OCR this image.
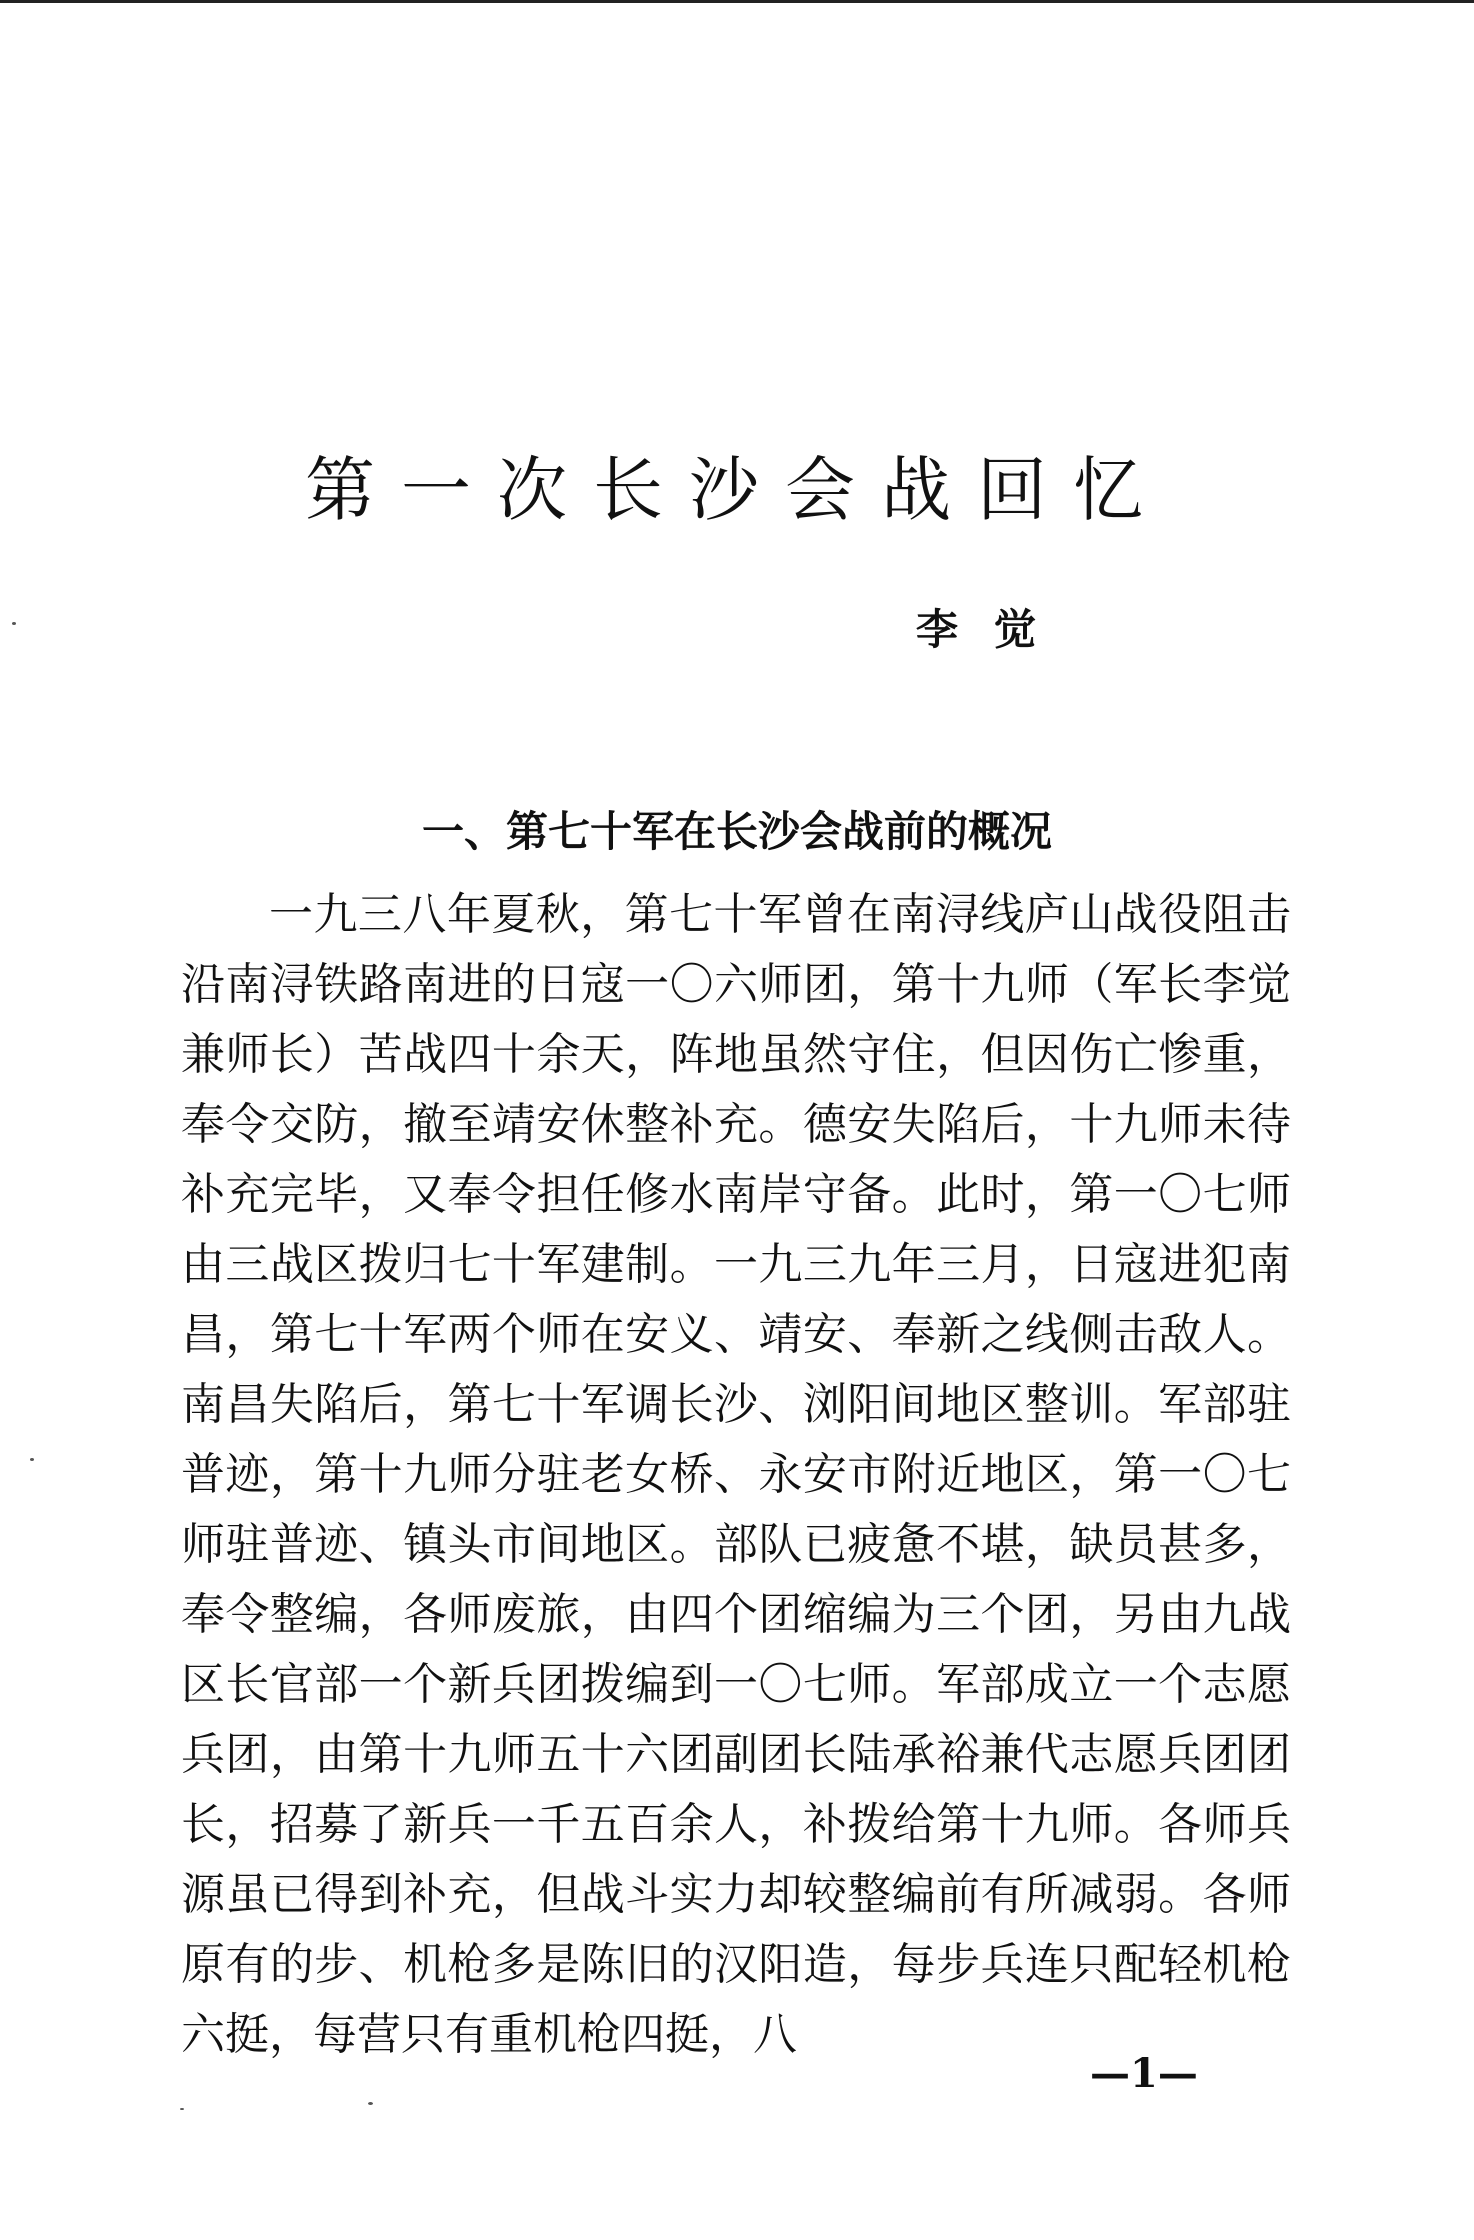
第一次长沙会战回忆
李觉
一、第七十军在长沙会战前的概况

一九三八年夏秋，第七十军曾在南浔线庐山战役阻击沿南浔铁路南进的日寇一〇六师团，第十九师（军长李觉兼师长）苦战四十余天，阵地虽然守住，但因伤亡惨重，奉令交防，撤至靖安休整补充。德安失陷后，十九师未待补充完毕，又奉令担任修水南岸守备。此时，第一〇七师由三战区拨归七十军建制。一九三九年三月，日寇进犯南昌，第七十军两个师在安义、靖安、奉新之线侧击敌人。南昌失陷后，第七十军调长沙、浏阳间地区整训。军部驻普迹，第十九师分驻老女桥、永安市附近地区，第一〇七师驻普迹、镇头市间地区。部队已疲惫不堪，缺员甚多，奉令整编，各师废旅，由四个团缩编为三个团，另由九战区长官部一个新兵团拨编到一〇七师。军部成立一个志愿兵团，由第十九师五十六团副团长陆承裕兼代志愿兵团团长，招募了新兵一千五百余人，补拨给第十九师。各师兵源虽已得到补充，但战斗实力却较整编前有所减弱。各师原有的步、机枪多是陈旧的汉阳造，每步兵连只配轻机枪六挺，每营只有重机枪四挺，八

—1—
